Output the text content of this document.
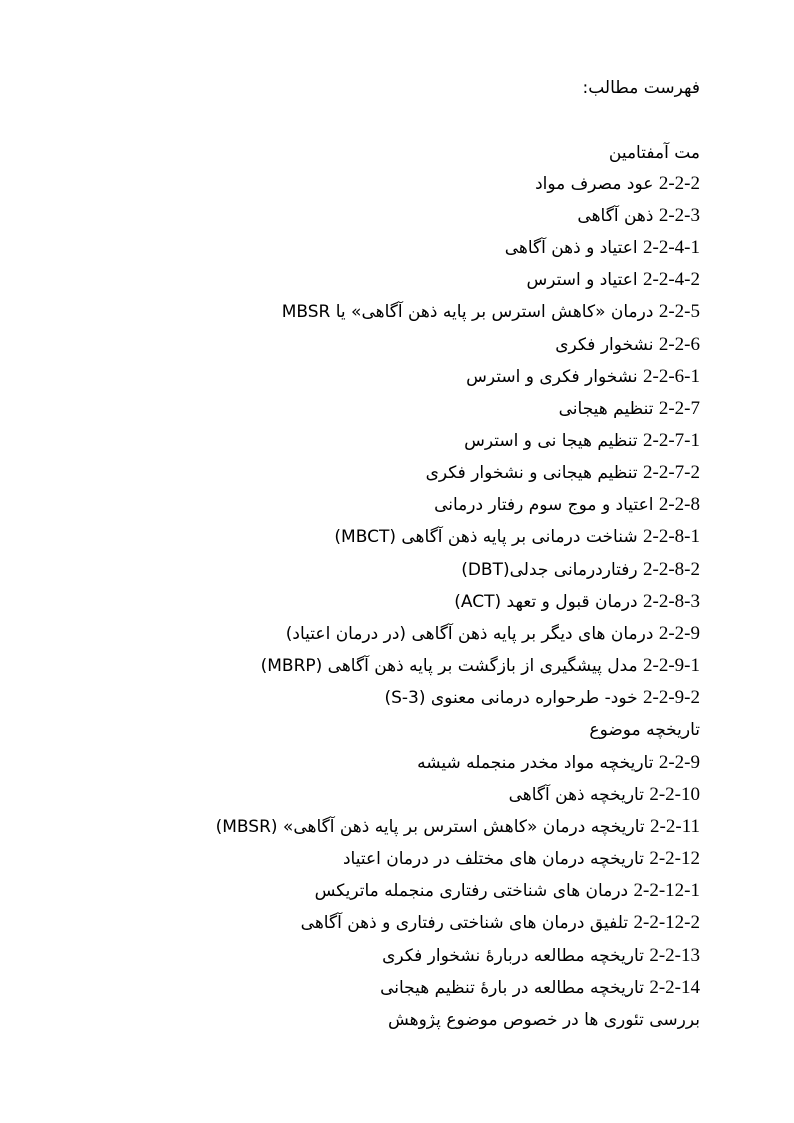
فهرست مطالب:
مت آمفتامین
2-2-2 عود مصرف مواد
2-2-3 ذهن آگاهی
2-2-4-1 اعتیاد و ذهن آگاهی
2-2-4-2 اعتیاد و استرس
2-2-5 درمان «کاهش استرس بر پایه ذهن آگاهی» یا MBSR
2-2-6 نشخوار فکری
2-2-6-1 نشخوار فکری و استرس
2-2-7 تنظیم هیجانی
2-2-7-1 تنظیم هیجا نی و استرس
2-2-7-2 تنظیم هیجانی و نشخوار فکری
2-2-8 اعتیاد و موج سوم رفتار درمانی
2-2-8-1 شناخت درمانی بر پایه ذهن آگاهی (MBCT)
2-2-8-2 رفتاردرمانی جدلی(DBT)
2-2-8-3 درمان قبول و تعهد (ACT)
2-2-9 درمان های دیگر بر پایه ذهن آگاهی (در درمان اعتیاد)
2-2-9-1 مدل پیشگیری از بازگشت بر پایه ذهن آگاهی (MBRP)
2-2-9-2 خود- طرحواره درمانی معنوی (S-3)
تاریخچه موضوع
2-2-9 تاریخچه مواد مخدر منجمله شیشه
2-2-10 تاریخچه ذهن آگاهی
2-2-11 تاریخچه درمان «کاهش استرس بر پایه ذهن آگاهی» (MBSR)
2-2-12 تاریخچه درمان های مختلف در درمان اعتیاد
2-2-12-1 درمان های شناختی رفتاری منجمله ماتریکس
2-2-12-2 تلفیق درمان های شناختی رفتاری و ذهن آگاهی
2-2-13 تاریخچه مطالعه دربارۀ نشخوار فکری
2-2-14 تاریخچه مطالعه در بارۀ تنظیم هیجانی
بررسی تئوری ها در خصوص موضوع پژوهش
